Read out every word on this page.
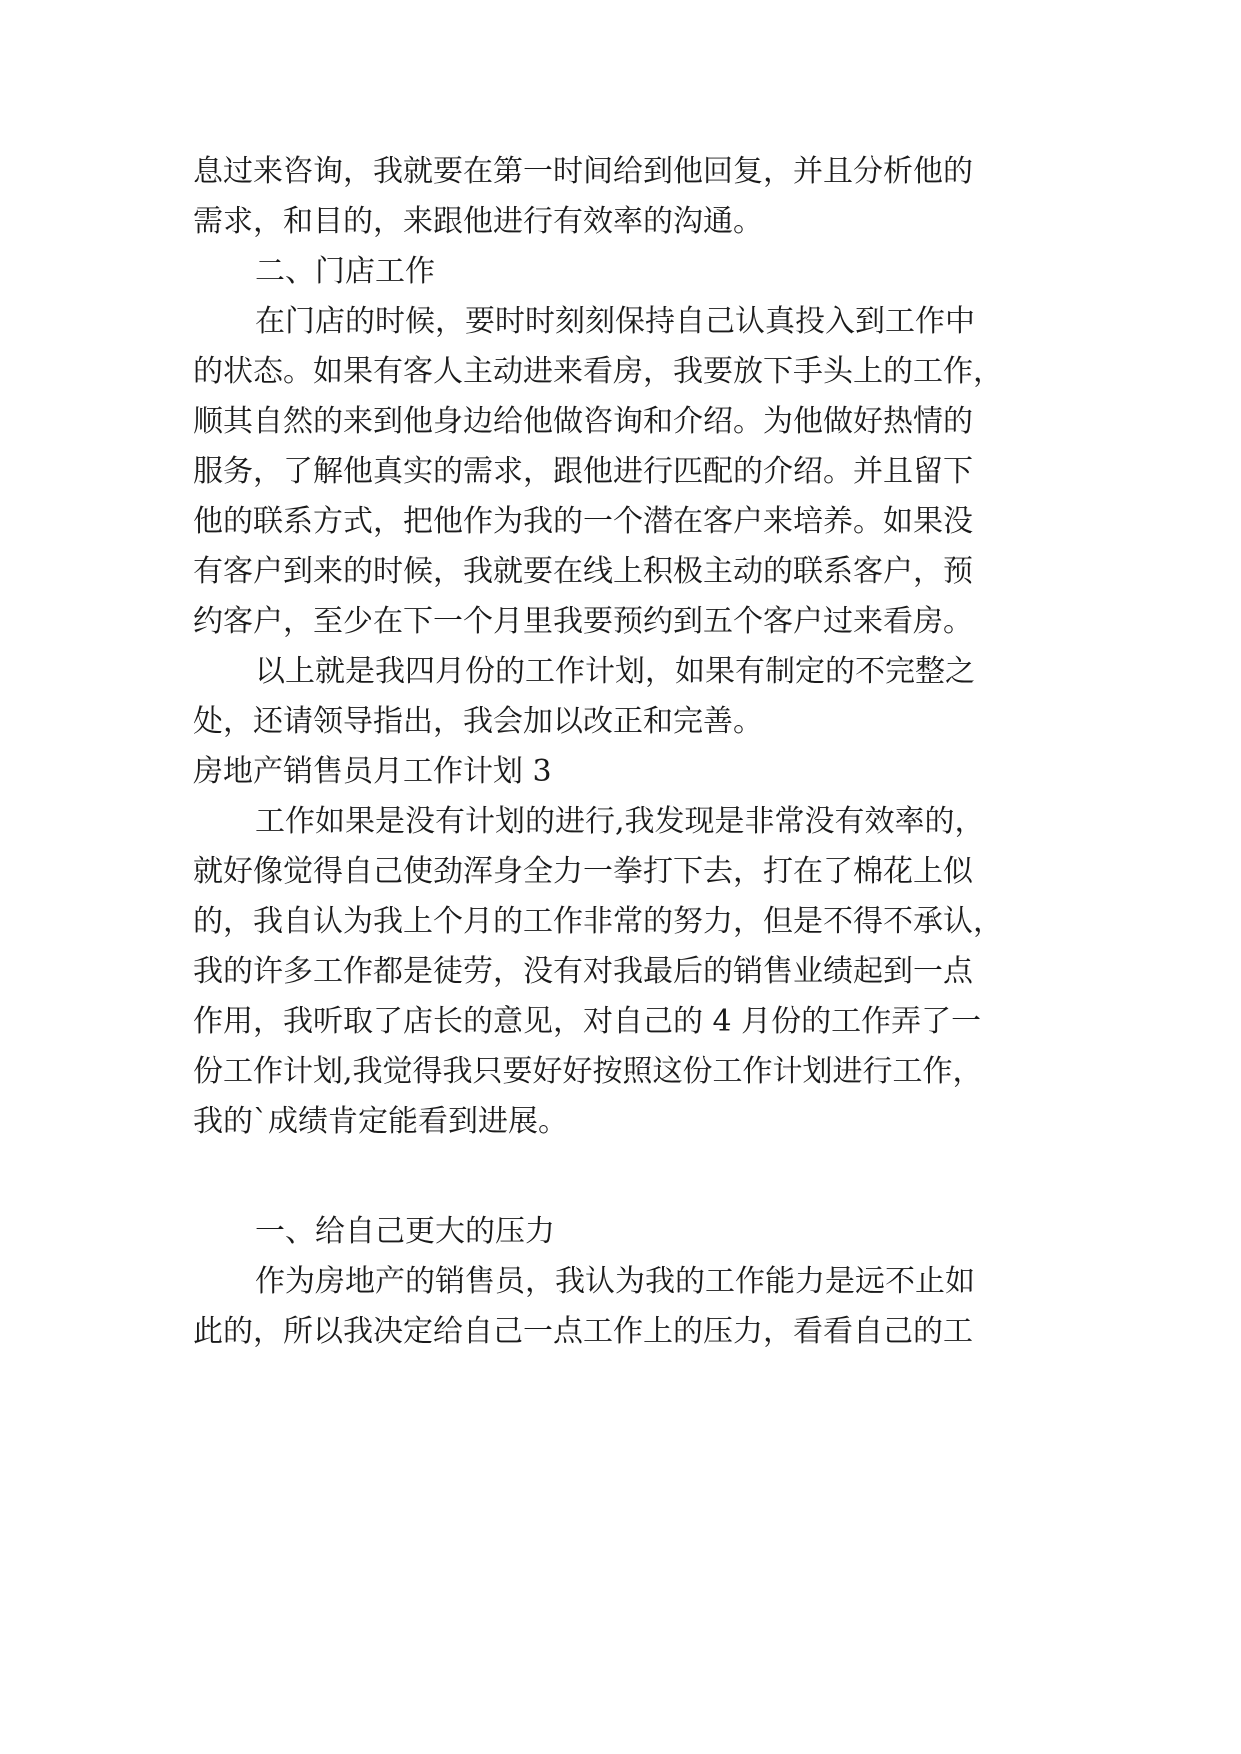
息过来咨询，我就要在第一时间给到他回复，并且分析他的
需求，和目的，来跟他进行有效率的沟通。
二、门店工作
在门店的时候，要时时刻刻保持自己认真投入到工作中
的状态。如果有客人主动进来看房，我要放下手头上的工作，
顺其自然的来到他身边给他做咨询和介绍。为他做好热情的
服务，了解他真实的需求，跟他进行匹配的介绍。并且留下
他的联系方式，把他作为我的一个潜在客户来培养。如果没
有客户到来的时候，我就要在线上积极主动的联系客户，预
约客户，至少在下一个月里我要预约到五个客户过来看房。
以上就是我四月份的工作计划，如果有制定的不完整之
处，还请领导指出，我会加以改正和完善。
房地产销售员月工作计划 3
工作如果是没有计划的进行,我发现是非常没有效率的，
就好像觉得自己使劲浑身全力一拳打下去，打在了棉花上似
的，我自认为我上个月的工作非常的努力，但是不得不承认，
我的许多工作都是徒劳，没有对我最后的销售业绩起到一点
作用，我听取了店长的意见，对自己的 4 月份的工作弄了一
份工作计划,我觉得我只要好好按照这份工作计划进行工作，
我的`成绩肯定能看到进展。
一、给自己更大的压力
作为房地产的销售员，我认为我的工作能力是远不止如
此的，所以我决定给自己一点工作上的压力，看看自己的工
